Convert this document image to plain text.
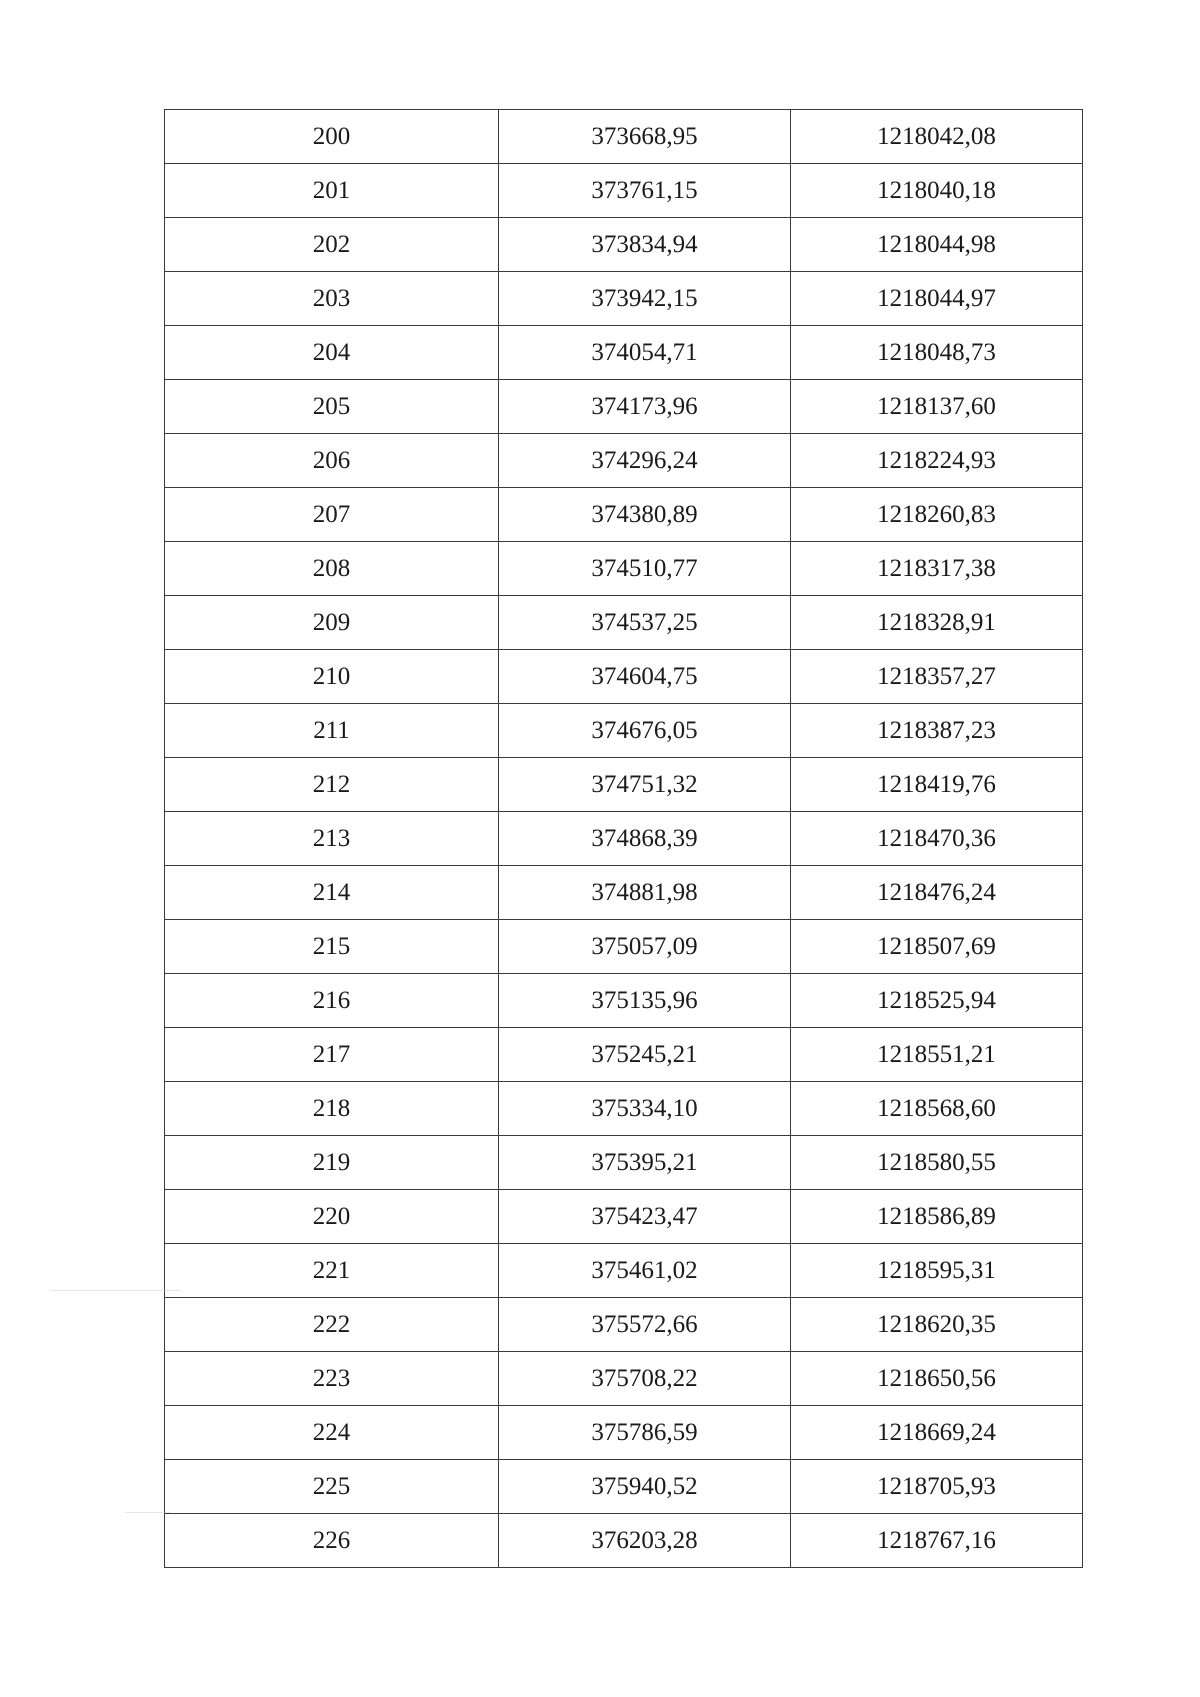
200	373668,95	1218042,08
201	373761,15	1218040,18
202	373834,94	1218044,98
203	373942,15	1218044,97
204	374054,71	1218048,73
205	374173,96	1218137,60
206	374296,24	1218224,93
207	374380,89	1218260,83
208	374510,77	1218317,38
209	374537,25	1218328,91
210	374604,75	1218357,27
211	374676,05	1218387,23
212	374751,32	1218419,76
213	374868,39	1218470,36
214	374881,98	1218476,24
215	375057,09	1218507,69
216	375135,96	1218525,94
217	375245,21	1218551,21
218	375334,10	1218568,60
219	375395,21	1218580,55
220	375423,47	1218586,89
221	375461,02	1218595,31
222	375572,66	1218620,35
223	375708,22	1218650,56
224	375786,59	1218669,24
225	375940,52	1218705,93
226	376203,28	1218767,16
